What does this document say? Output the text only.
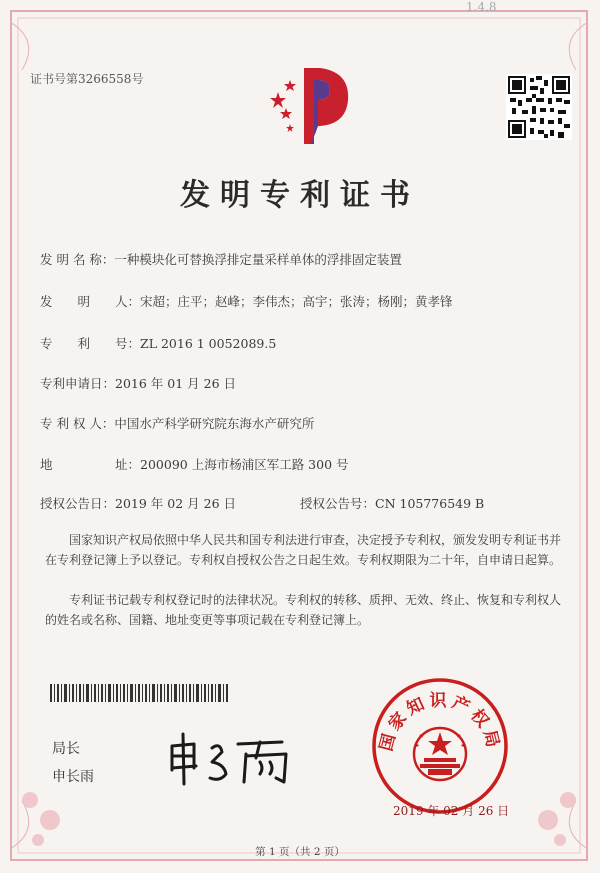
1.4.8
证书号第3266558号
发明专利证书
发 明 名 称：一种模块化可替换浮排定量采样单体的浮排固定装置
发　　明　　人：宋超；庄平；赵峰；李伟杰；高宇；张涛；杨刚；黄孝锋
专　　利　　号：ZL 2016 1 0052089.5
专利申请日：2016 年 01 月 26 日
专 利 权 人：中国水产科学研究院东海水产研究所
地　　　　　址：200090 上海市杨浦区军工路 300 号
授权公告日：2019 年 02 月 26 日	授权公告号：CN 105776549 B
国家知识产权局依照中华人民共和国专利法进行审查，决定授予专利权，颁发发明专利证书并在专利登记簿上予以登记。专利权自授权公告之日起生效。专利权期限为二十年，自申请日起算。
专利证书记载专利权登记时的法律状况。专利权的转移、质押、无效、终止、恢复和专利权人的姓名或名称、国籍、地址变更等事项记载在专利登记簿上。
局长
申长雨
国家知识产权局
2019 年 02 月 26 日
第 1 页（共 2 页）
